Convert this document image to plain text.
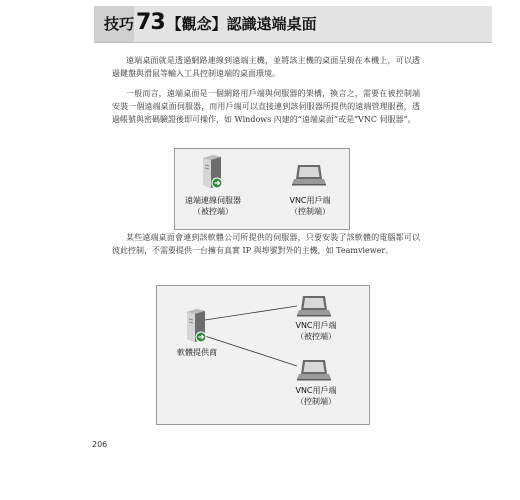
技巧73 【觀念】認識遠端桌面

遠端桌面就是透過網路連線到遠端主機，並將該主機的桌面呈現在本機上，可以透過鍵盤與滑鼠等輸入工具控制遠端的桌面環境。

一般而言，遠端桌面是一個網路用戶端與伺服器的架構，換言之，需要在被控制端安裝一個遠端桌面伺服器，而用戶端可以直接連到該伺服器所提供的遠端管理服務，透過帳號與密碼驗證後即可操作，如 Windows 內建的“遠端桌面”或是“VNC 伺服器”。

遠端連線伺服器
（被控端）
VNC用戶端
（控制端）

某些遠端桌面會連到該軟體公司所提供的伺服器，只要安裝了該軟體的電腦都可以彼此控制，不需要提供一台擁有真實 IP 與埠號對外的主機，如 Teamviewer。

軟體提供商
VNC用戶端
（被控端）
VNC用戶端
（控制端）
206
